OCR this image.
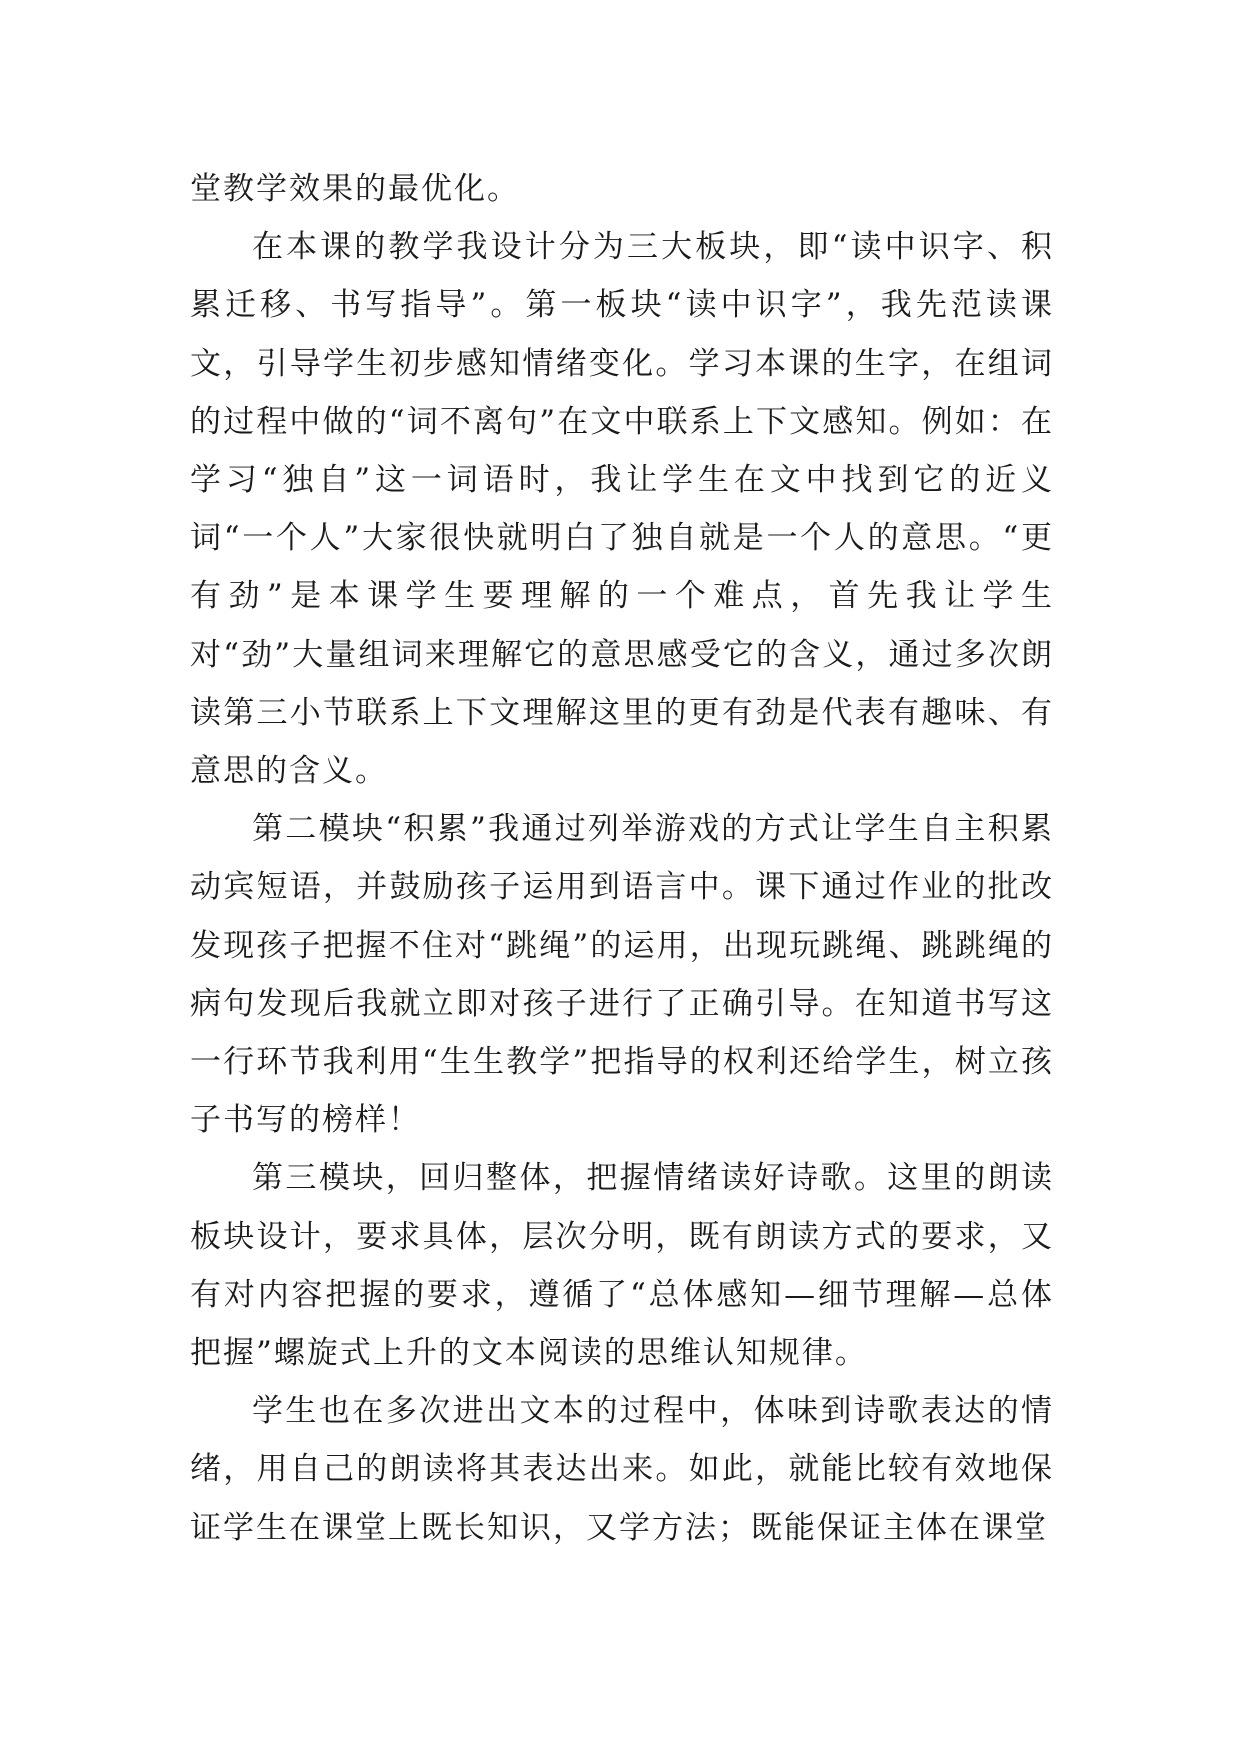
堂教学效果的最优化。

在本课的教学我设计分为三大板块，即“读中识字、积累迁移、书写指导”。第一板块“读中识字”，我先范读课文，引导学生初步感知情绪变化。学习本课的生字，在组词的过程中做的“词不离句”在文中联系上下文感知。例如：在学习“独自”这一词语时，我让学生在文中找到它的近义词“一个人”大家很快就明白了独自就是一个人的意思。“更有劲”是本课学生要理解的一个难点，首先我让学生对“劲”大量组词来理解它的意思感受它的含义，通过多次朗读第三小节联系上下文理解这里的更有劲是代表有趣味、有意思的含义。

第二模块“积累”我通过列举游戏的方式让学生自主积累动宾短语，并鼓励孩子运用到语言中。课下通过作业的批改发现孩子把握不住对“跳绳”的运用，出现玩跳绳、跳跳绳的病句发现后我就立即对孩子进行了正确引导。在知道书写这一行环节我利用“生生教学”把指导的权利还给学生，树立孩子书写的榜样！

第三模块，回归整体，把握情绪读好诗歌。这里的朗读板块设计，要求具体，层次分明，既有朗读方式的要求，又有对内容把握的要求，遵循了“总体感知—细节理解—总体把握”螺旋式上升的文本阅读的思维认知规律。

学生也在多次进出文本的过程中，体味到诗歌表达的情绪，用自己的朗读将其表达出来。如此，就能比较有效地保证学生在课堂上既长知识，又学方法；既能保证主体在课堂
